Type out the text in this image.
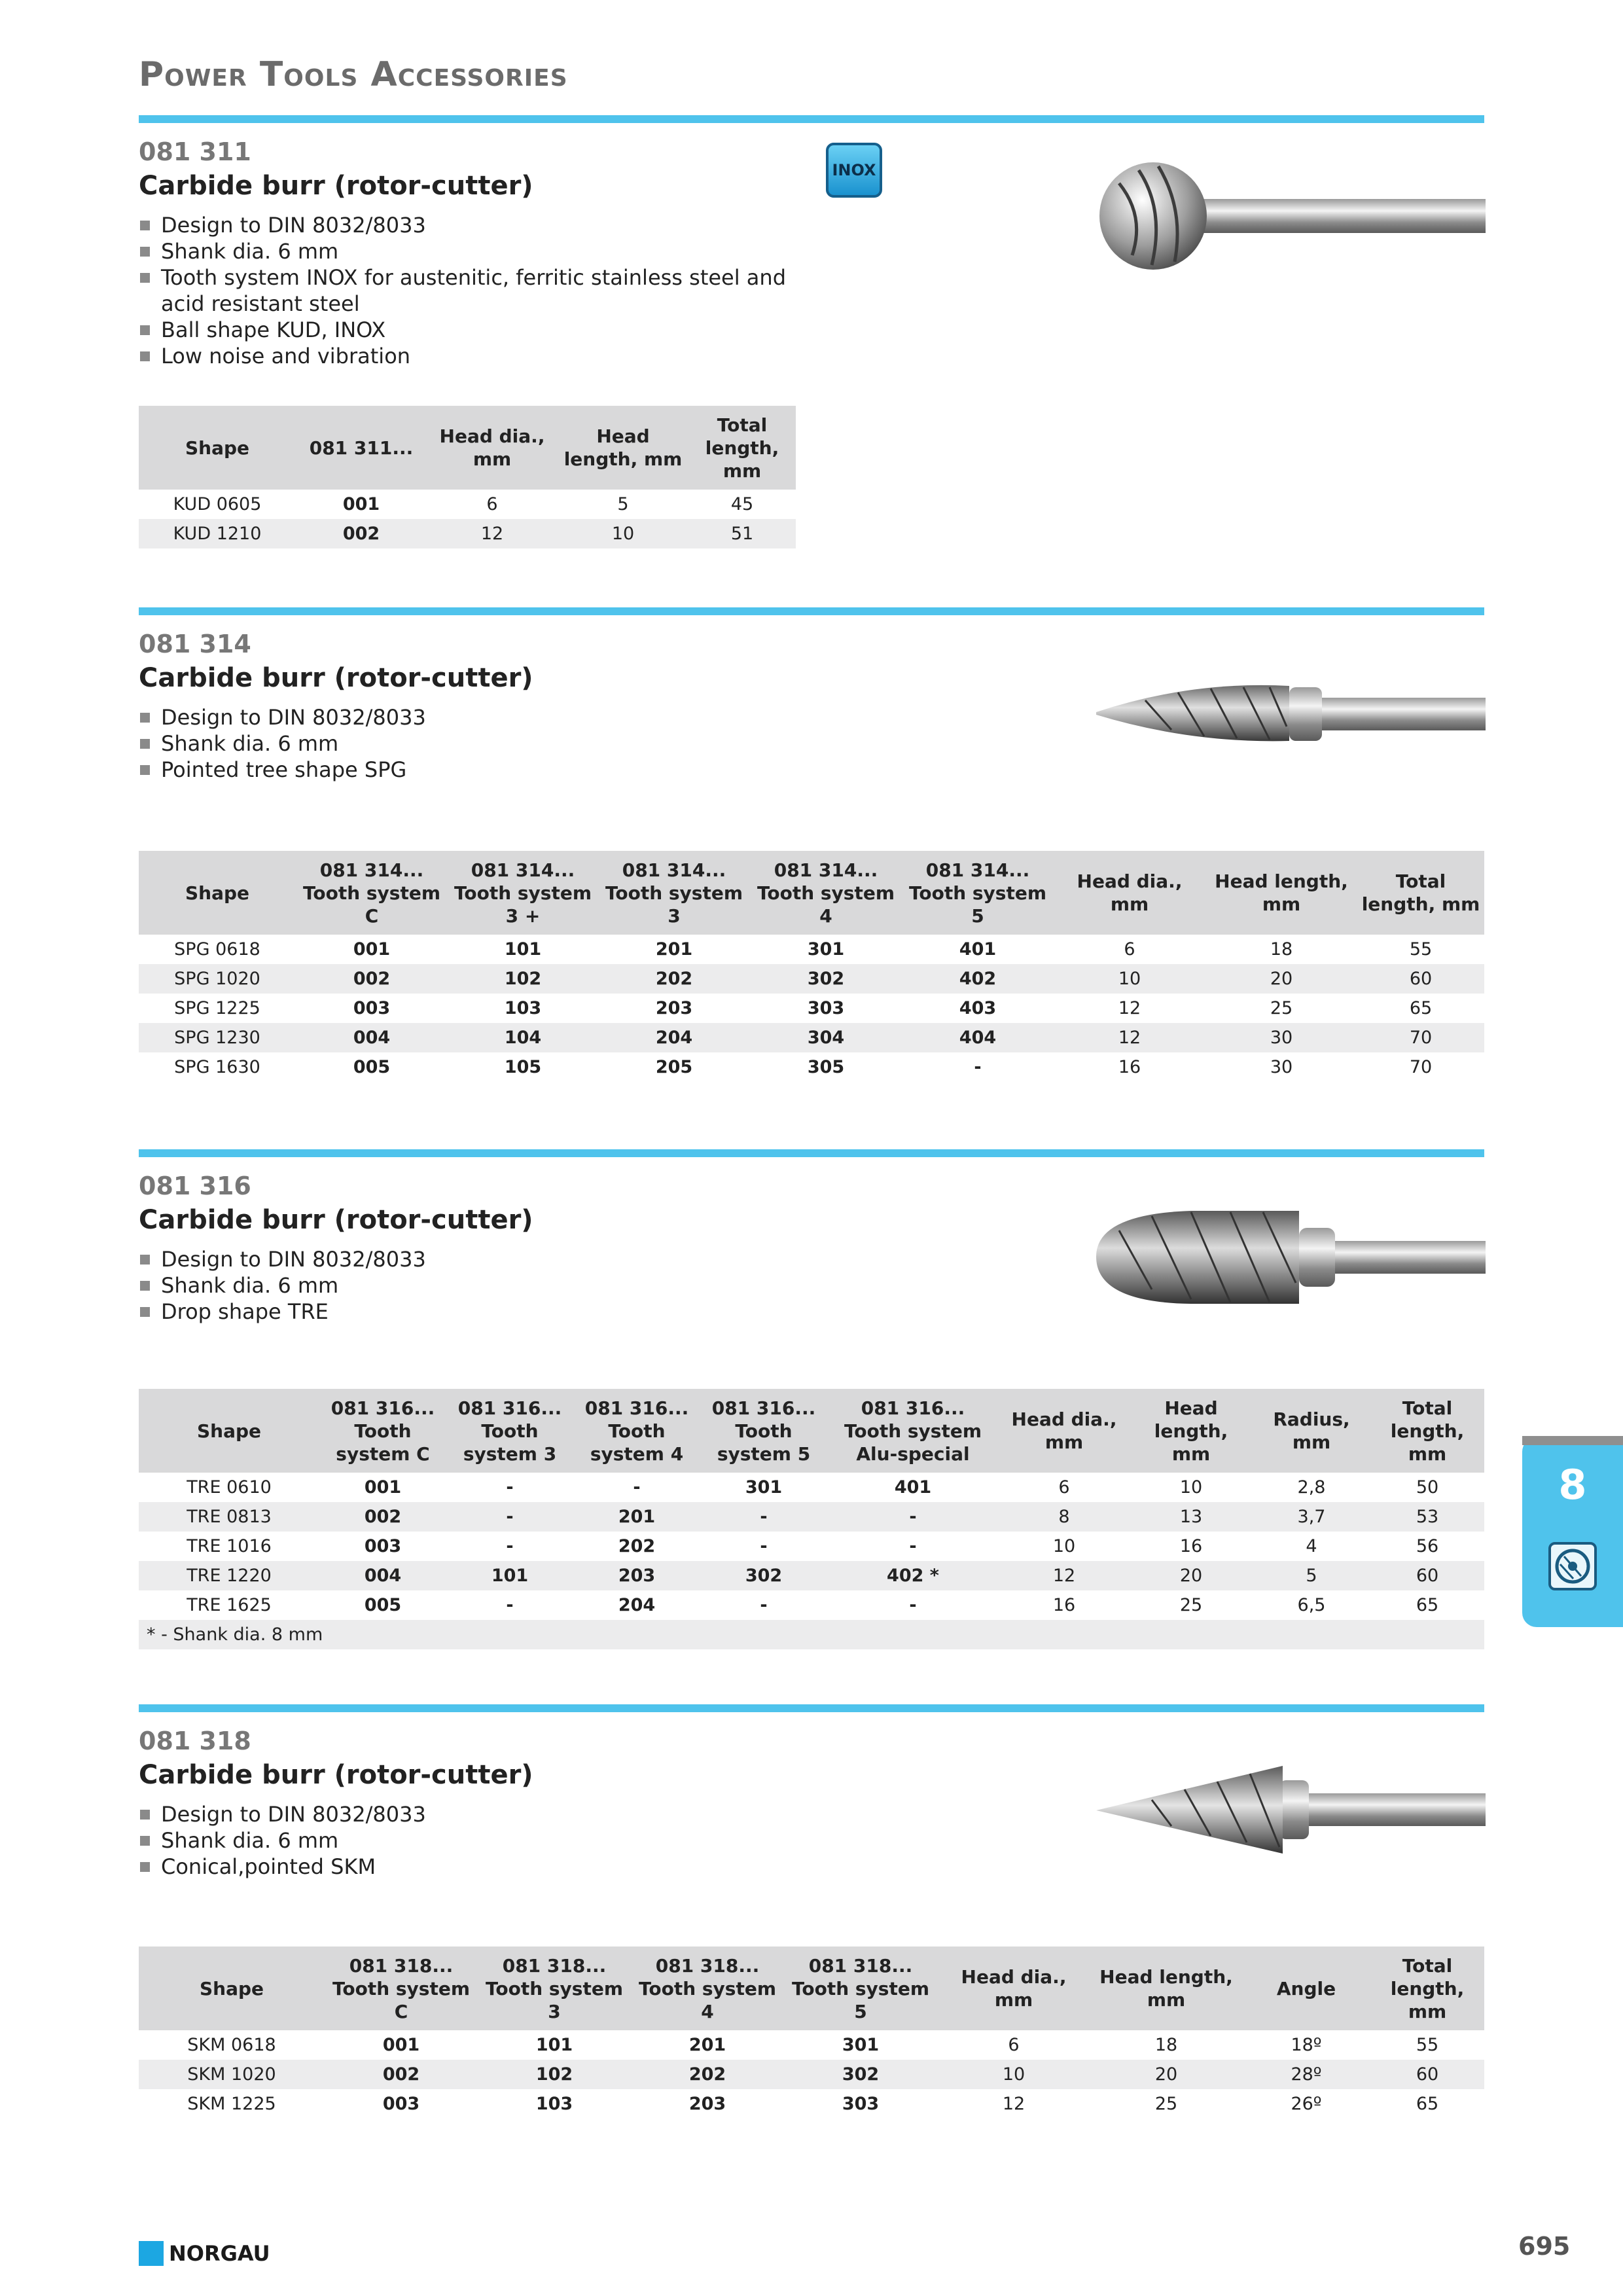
Power Tools Accessories
081 311
Carbide burr (rotor-cutter)
Design to DIN 8032/8033
Shank dia. 6 mm
Tooth system INOX for austenitic, ferritic stainless steel and acid resistant steel
Ball shape KUD, INOX
Low noise and vibration
INOX
Shape	081 311...	Head dia., mm	Head length, mm	Total length, mm
KUD 0605	001	6	5	45
KUD 1210	002	12	10	51
081 314
Carbide burr (rotor-cutter)
Design to DIN 8032/8033
Shank dia. 6 mm
Pointed tree shape SPG
Shape	081 314... Tooth system C	081 314... Tooth system 3 +	081 314... Tooth system 3	081 314... Tooth system 4	081 314... Tooth system 5	Head dia., mm	Head length, mm	Total length, mm
SPG 0618	001	101	201	301	401	6	18	55
SPG 1020	002	102	202	302	402	10	20	60
SPG 1225	003	103	203	303	403	12	25	65
SPG 1230	004	104	204	304	404	12	30	70
SPG 1630	005	105	205	305	-	16	30	70
081 316
Carbide burr (rotor-cutter)
Design to DIN 8032/8033
Shank dia. 6 mm
Drop shape TRE
Shape	081 316... Tooth system C	081 316... Tooth system 3	081 316... Tooth system 4	081 316... Tooth system 5	081 316... Tooth system Alu-special	Head dia., mm	Head length, mm	Radius, mm	Total length, mm
TRE 0610	001	-	-	301	401	6	10	2,8	50
TRE 0813	002	-	201	-	-	8	13	3,7	53
TRE 1016	003	-	202	-	-	10	16	4	56
TRE 1220	004	101	203	302	402 *	12	20	5	60
TRE 1625	005	-	204	-	-	16	25	6,5	65
* - Shank dia. 8 mm									
081 318
Carbide burr (rotor-cutter)
Design to DIN 8032/8033
Shank dia. 6 mm
Conical,pointed SKM
Shape	081 318... Tooth system C	081 318... Tooth system 3	081 318... Tooth system 4	081 318... Tooth system 5	Head dia., mm	Head length, mm	Angle	Total length, mm
SKM 0618	001	101	201	301	6	18	18º	55
SKM 1020	002	102	202	302	10	20	28º	60
SKM 1225	003	103	203	303	12	25	26º	65
8
NORGAU	695
